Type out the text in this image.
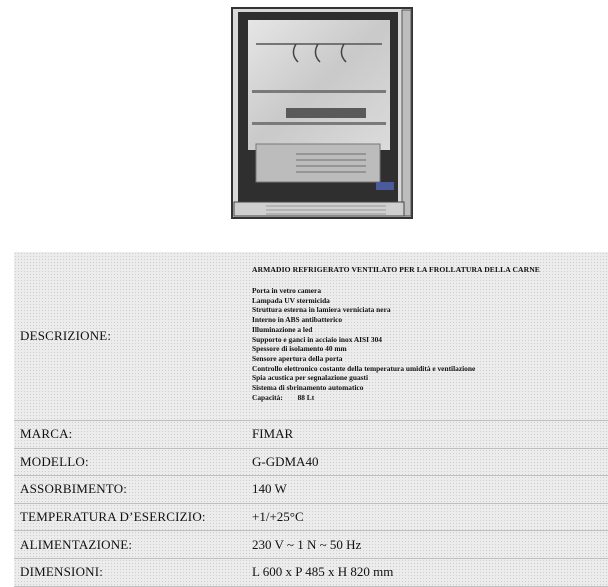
DESCRIZIONE:
ARMADIO REFRIGERATO VENTILATO PER LA FROLLATURA DELLA CARNE
Porta in vetro camera
Lampada UV stermicida
Struttura esterna in lamiera verniciata nera
Interno in ABS antibatterico
Illuminazione a led
Supporto e ganci in acciaio inox AISI 304
Spessore di isolamento 40 mm
Sensore apertura della porta
Controllo elettronico costante della temperatura umidità e ventilazione
Spia acustica per segnalazione guasti
Sistema di sbrinamento automatico
Capacità:        88 Lt
MARCA:	FIMAR
MODELLO:	G-GDMA40
ASSORBIMENTO:	140 W
TEMPERATURA D’ESERCIZIO:	+1/+25°C
ALIMENTAZIONE:	230 V ~ 1 N ~ 50 Hz
DIMENSIONI:	L 600 x P 485 x H 820 mm
